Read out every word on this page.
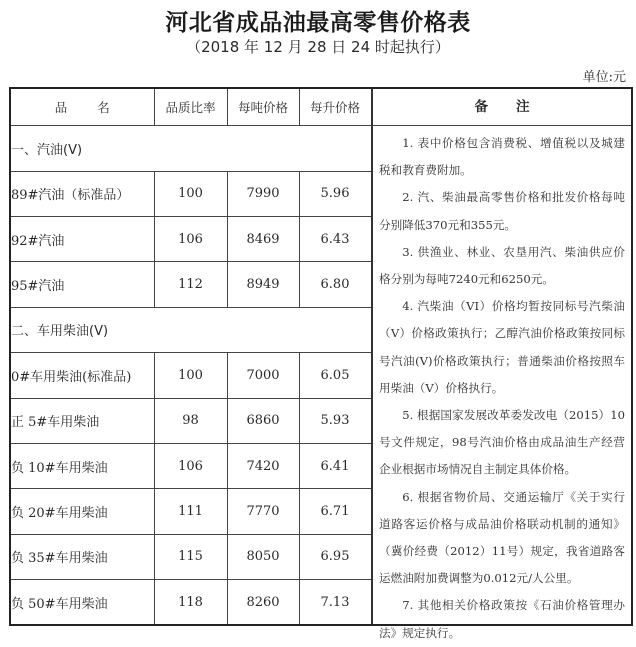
河北省成品油最高零售价格表
（2018 年 12 月 28 日 24 时起执行）
单位:元
品名	品质比率	每吨价格	每升价格
一、汽油(V)			
89#汽油（标准品）	100	7990	5.96
92#汽油	106	8469	6.43
95#汽油	112	8949	6.80
二、车用柴油(V)			
0#车用柴油(标准品)	100	7000	6.05
正 5#车用柴油	98	6860	5.93
负 10#车用柴油	106	7420	6.41
负 20#车用柴油	111	7770	6.71
负 35#车用柴油	115	8050	6.95
负 50#车用柴油	118	8260	7.13
备注
1. 表中价格包含消费税、增值税以及城建税和教育费附加。
2. 汽、柴油最高零售价格和批发价格每吨分别降低370元和355元。
3. 供渔业、林业、农垦用汽、柴油供应价格分别为每吨7240元和6250元。
4. 汽柴油（VI）价格均暂按同标号汽柴油（V）价格政策执行；乙醇汽油价格政策按同标号汽油(V)价格政策执行；普通柴油价格按照车用柴油（V）价格执行。
5. 根据国家发展改革委发改电（2015）10号文件规定，98号汽油价格由成品油生产经营企业根据市场情况自主制定具体价格。
6. 根据省物价局、交通运输厅《关于实行道路客运价格与成品油价格联动机制的通知》（冀价经费（2012）11号）规定，我省道路客运燃油附加费调整为0.012元/人公里。
7. 其他相关价格政策按《石油价格管理办法》规定执行。
